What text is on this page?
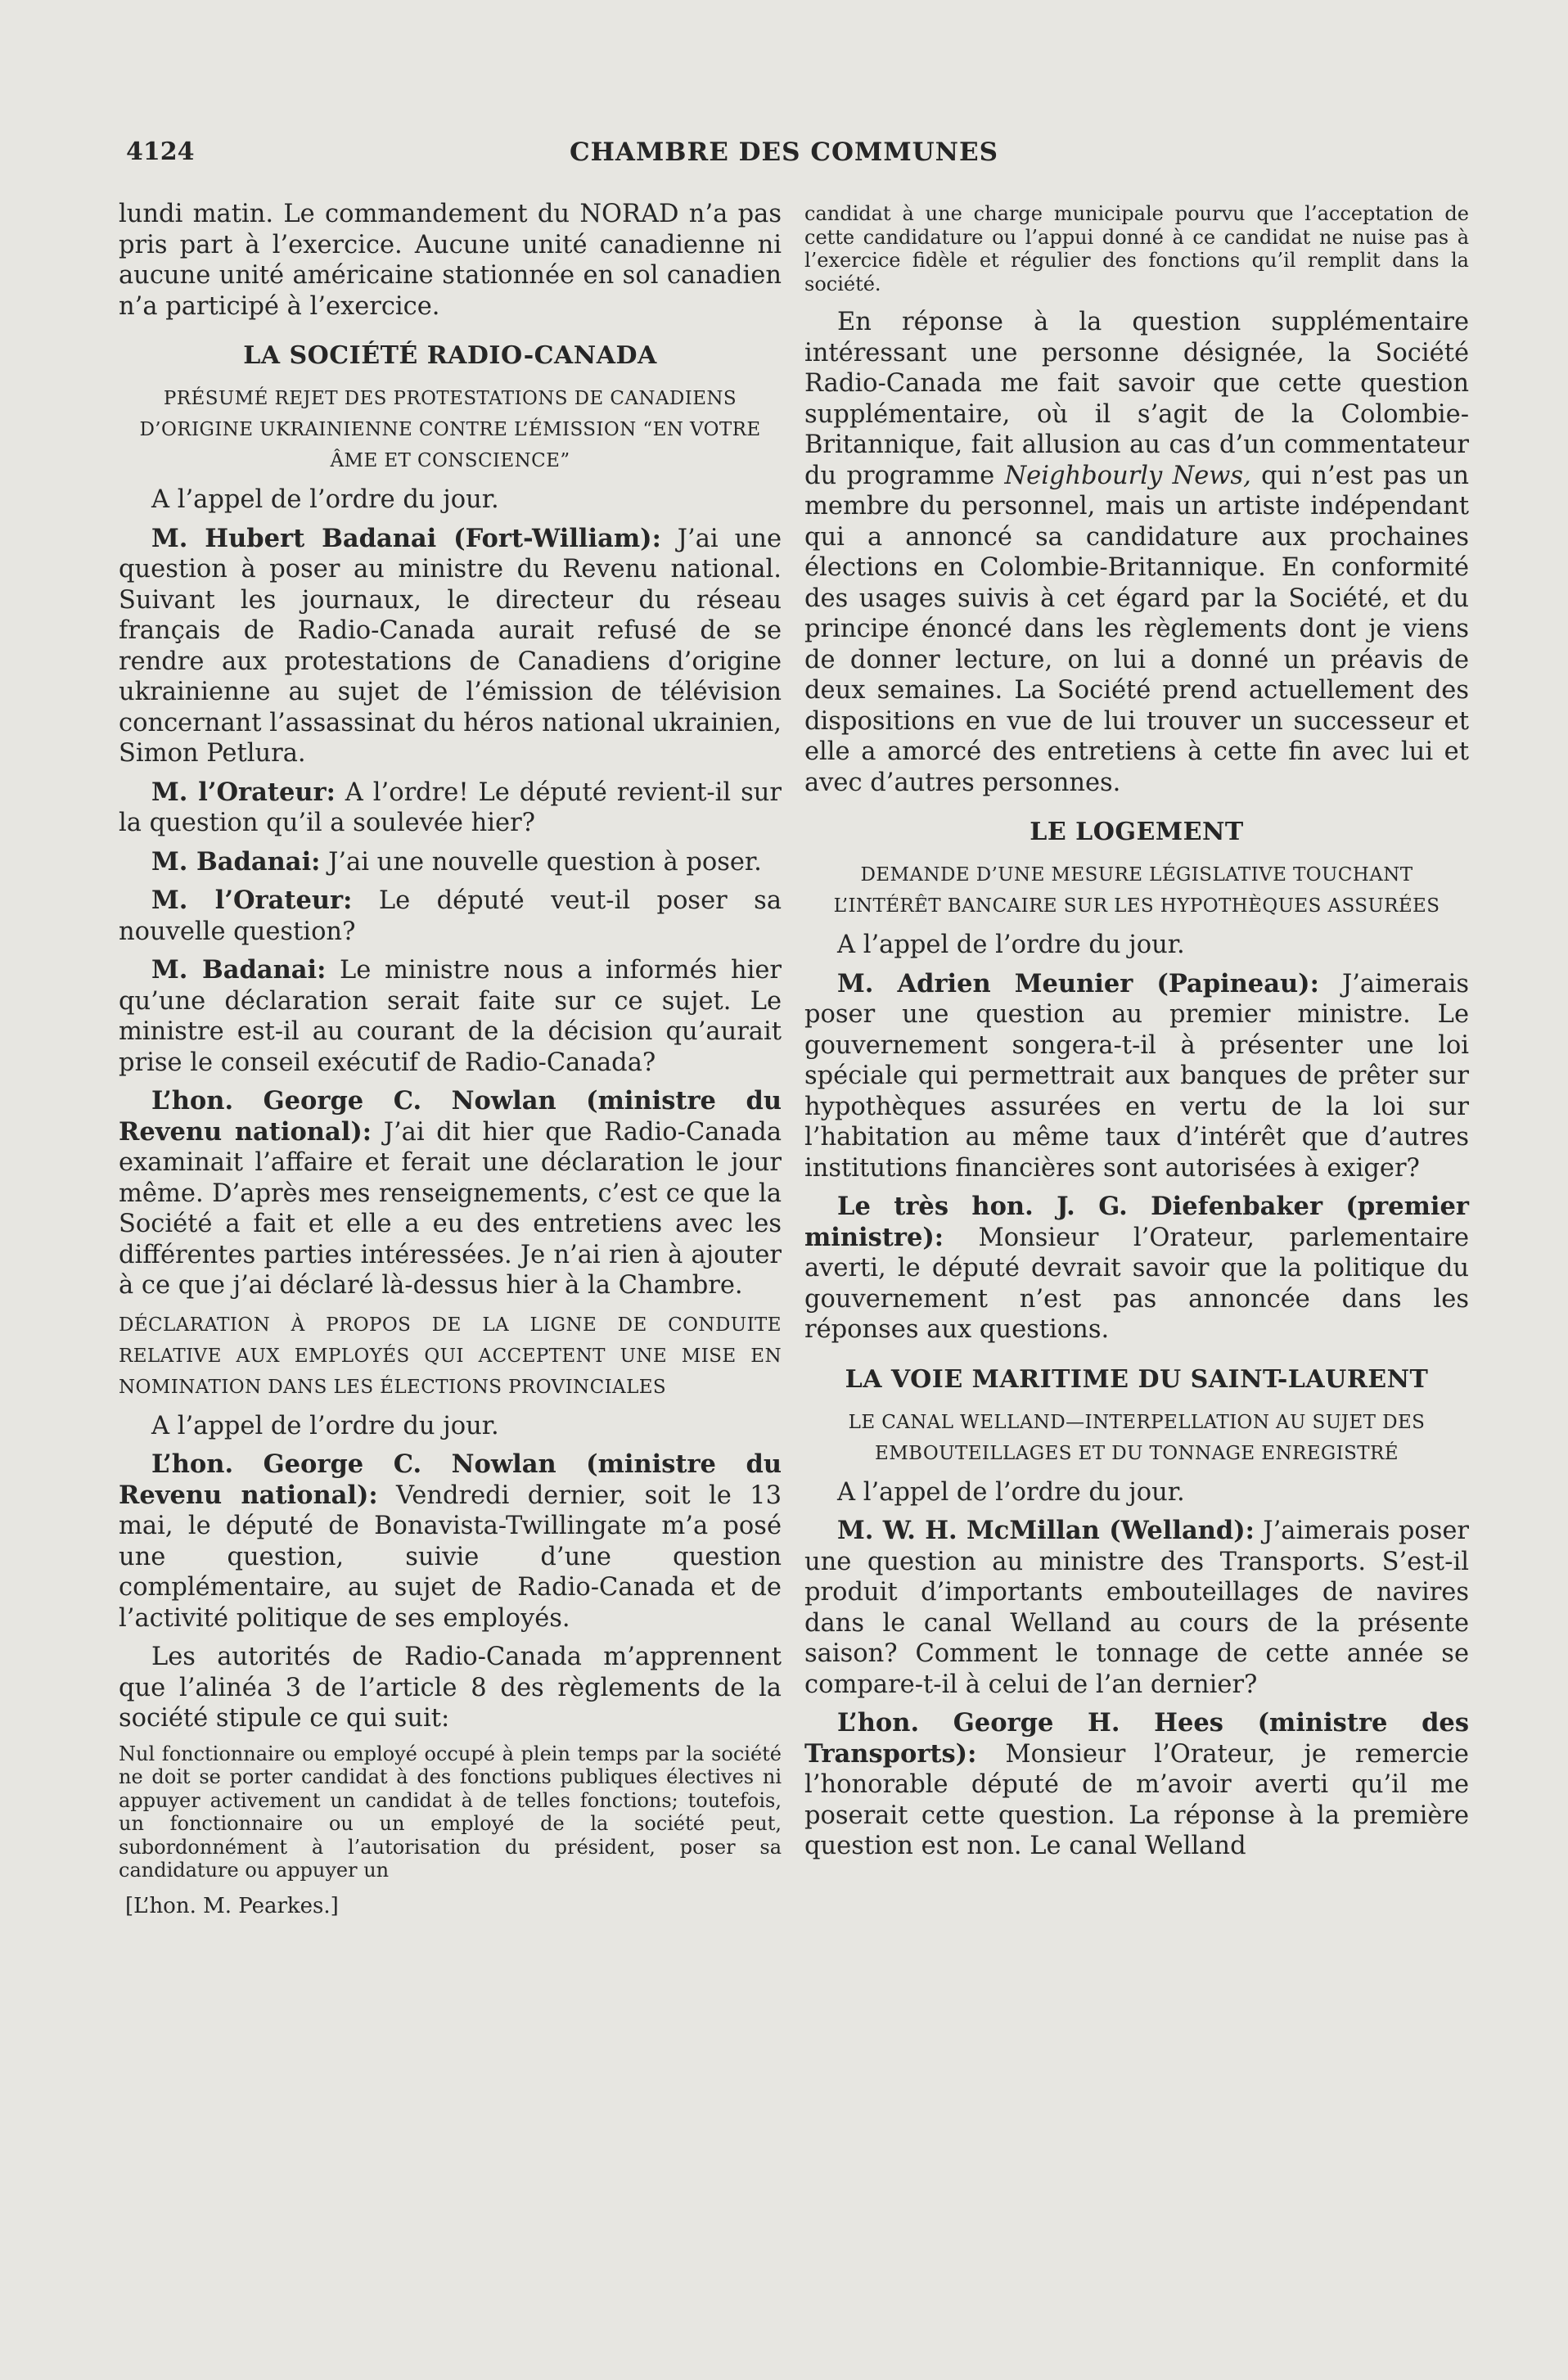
4124	CHAMBRE DES COMMUNES

lundi matin. Le commandement du NORAD n’a pas pris part à l’exercice. Aucune unité canadienne ni aucune unité américaine stationnée en sol canadien n’a participé à l’exercice.

LA SOCIÉTÉ RADIO-CANADA
PRÉSUMÉ REJET DES PROTESTATIONS DE CANADIENS D’ORIGINE UKRAINIENNE CONTRE L’ÉMISSION “EN VOTRE ÂME ET CONSCIENCE”

A l’appel de l’ordre du jour.

M. Hubert Badanai (Fort-William): J’ai une question à poser au ministre du Revenu national. Suivant les journaux, le directeur du réseau français de Radio-Canada aurait refusé de se rendre aux protestations de Canadiens d’origine ukrainienne au sujet de l’émission de télévision concernant l’assassinat du héros national ukrainien, Simon Petlura.

M. l’Orateur: A l’ordre! Le député revient-il sur la question qu’il a soulevée hier?

M. Badanai: J’ai une nouvelle question à poser.

M. l’Orateur: Le député veut-il poser sa nouvelle question?

M. Badanai: Le ministre nous a informés hier qu’une déclaration serait faite sur ce sujet. Le ministre est-il au courant de la décision qu’aurait prise le conseil exécutif de Radio-Canada?

L’hon. George C. Nowlan (ministre du Revenu national): J’ai dit hier que Radio-Canada examinait l’affaire et ferait une déclaration le jour même. D’après mes renseignements, c’est ce que la Société a fait et elle a eu des entretiens avec les différentes parties intéressées. Je n’ai rien à ajouter à ce que j’ai déclaré là-dessus hier à la Chambre.

DÉCLARATION À PROPOS DE LA LIGNE DE CONDUITE RELATIVE AUX EMPLOYÉS QUI ACCEPTENT UNE MISE EN NOMINATION DANS LES ÉLECTIONS PROVINCIALES

A l’appel de l’ordre du jour.

L’hon. George C. Nowlan (ministre du Revenu national): Vendredi dernier, soit le 13 mai, le député de Bonavista-Twillingate m’a posé une question, suivie d’une question complémentaire, au sujet de Radio-Canada et de l’activité politique de ses employés.

Les autorités de Radio-Canada m’apprennent que l’alinéa 3 de l’article 8 des règlements de la société stipule ce qui suit:

Nul fonctionnaire ou employé occupé à plein temps par la société ne doit se porter candidat à des fonctions publiques électives ni appuyer activement un candidat à de telles fonctions; toutefois, un fonctionnaire ou un employé de la société peut, subordonnément à l’autorisation du président, poser sa candidature ou appuyer un

[L’hon. M. Pearkes.]

candidat à une charge municipale pourvu que l’acceptation de cette candidature ou l’appui donné à ce candidat ne nuise pas à l’exercice fidèle et régulier des fonctions qu’il remplit dans la société.

En réponse à la question supplémentaire intéressant une personne désignée, la Société Radio-Canada me fait savoir que cette question supplémentaire, où il s’agit de la Colombie-Britannique, fait allusion au cas d’un commentateur du programme Neighbourly News, qui n’est pas un membre du personnel, mais un artiste indépendant qui a annoncé sa candidature aux prochaines élections en Colombie-Britannique. En conformité des usages suivis à cet égard par la Société, et du principe énoncé dans les règlements dont je viens de donner lecture, on lui a donné un préavis de deux semaines. La Société prend actuellement des dispositions en vue de lui trouver un successeur et elle a amorcé des entretiens à cette fin avec lui et avec d’autres personnes.

LE LOGEMENT
DEMANDE D’UNE MESURE LÉGISLATIVE TOUCHANT L’INTÉRÊT BANCAIRE SUR LES HYPOTHÈQUES ASSURÉES

A l’appel de l’ordre du jour.

M. Adrien Meunier (Papineau): J’aimerais poser une question au premier ministre. Le gouvernement songera-t-il à présenter une loi spéciale qui permettrait aux banques de prêter sur hypothèques assurées en vertu de la loi sur l’habitation au même taux d’intérêt que d’autres institutions financières sont autorisées à exiger?

Le très hon. J. G. Diefenbaker (premier ministre): Monsieur l’Orateur, parlementaire averti, le député devrait savoir que la politique du gouvernement n’est pas annoncée dans les réponses aux questions.

LA VOIE MARITIME DU SAINT-LAURENT
LE CANAL WELLAND—INTERPELLATION AU SUJET DES EMBOUTEILLAGES ET DU TONNAGE ENREGISTRÉ

A l’appel de l’ordre du jour.

M. W. H. McMillan (Welland): J’aimerais poser une question au ministre des Transports. S’est-il produit d’importants embouteillages de navires dans le canal Welland au cours de la présente saison? Comment le tonnage de cette année se compare-t-il à celui de l’an dernier?

L’hon. George H. Hees (ministre des Transports): Monsieur l’Orateur, je remercie l’honorable député de m’avoir averti qu’il me poserait cette question. La réponse à la première question est non. Le canal Welland
